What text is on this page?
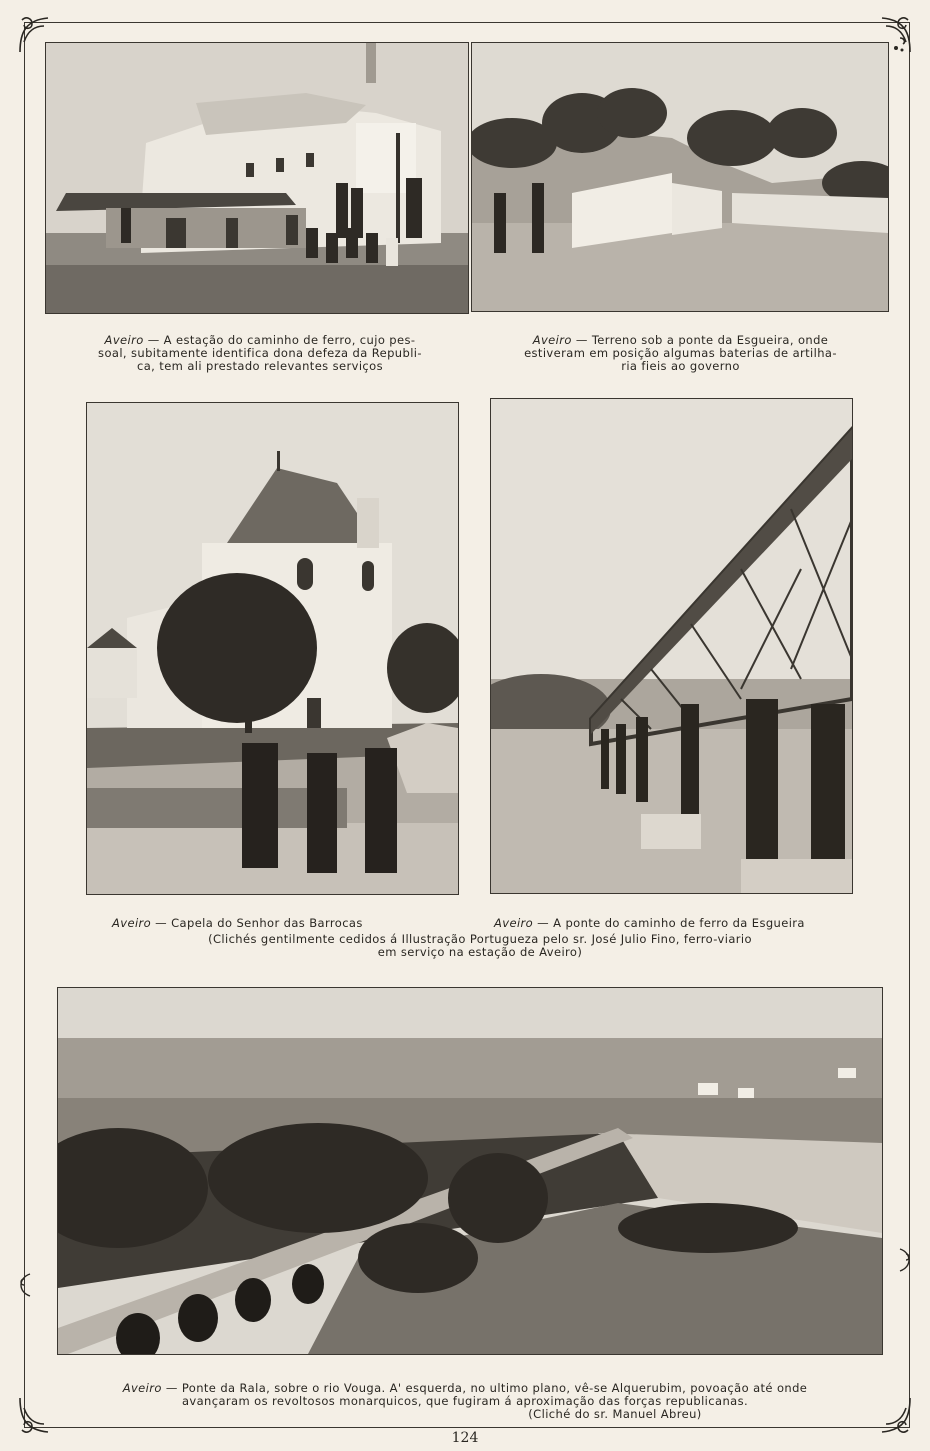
Aveiro — A estação do caminho de ferro, cujo pes-

soal, subitamente identifica dona defeza da Republi-

ca, tem ali prestado relevantes serviços

Aveiro — Terreno sob a ponte da Esgueira, onde

estiveram em posição algumas baterias de artilha-

ria fieis ao governo

Aveiro — Capela do Senhor das Barrocas	Aveiro — A ponte do caminho de ferro da Esgueira

(Clichés gentilmente cedidos á Illustração Portugueza pelo sr. José Julio Fino, ferro-viario

em serviço na estação de Aveiro)

Aveiro — Ponte da Rala, sobre o rio Vouga. A' esquerda, no ultimo plano, vê-se Alquerubim, povoação até onde

avançaram os revoltosos monarquicos, que fugiram á aproximação das forças republicanas.

(Cliché do sr. Manuel Abreu)

124
